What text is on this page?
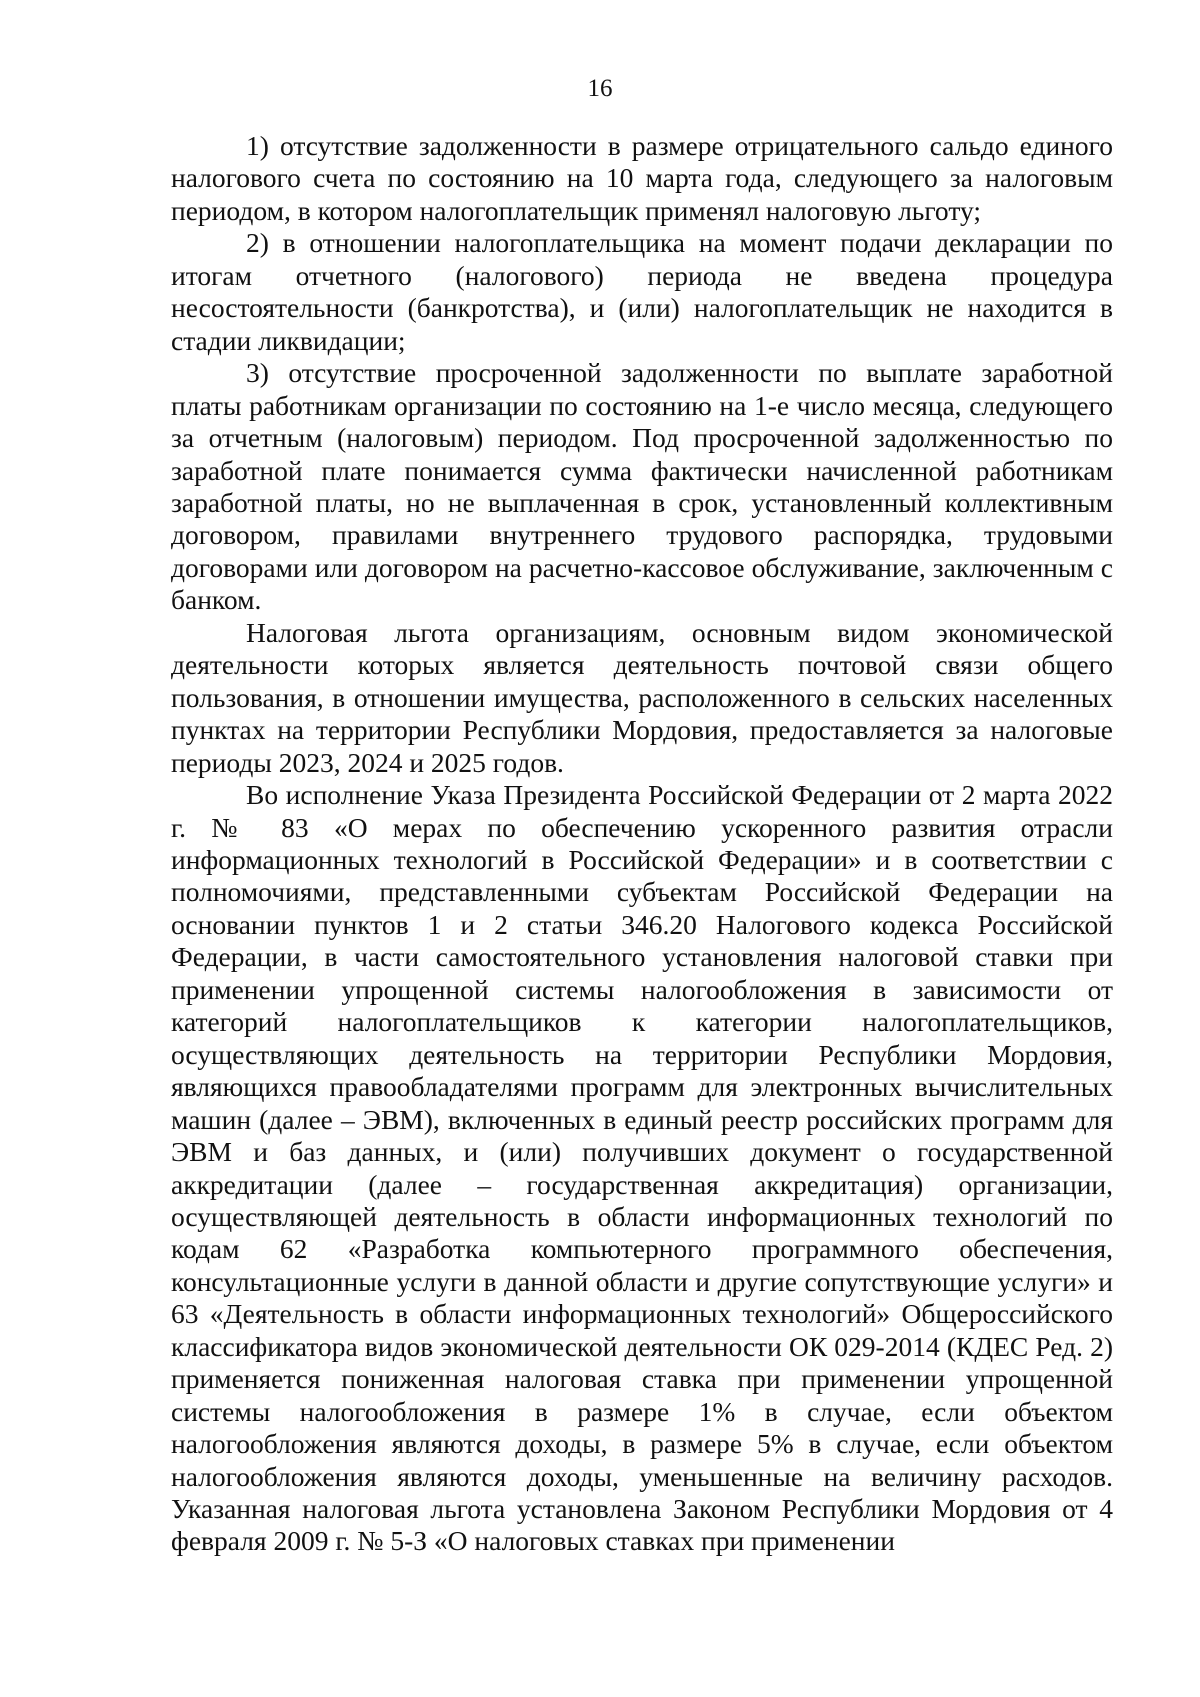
16

1) отсутствие задолженности в размере отрицательного сальдо единого налогового счета по состоянию на 10 марта года, следующего за налоговым периодом, в котором налогоплательщик применял налоговую льготу;

2) в отношении налогоплательщика на момент подачи декларации по итогам отчетного (налогового) периода не введена процедура несостоятельности (банкротства), и (или) налогоплательщик не находится в стадии ликвидации;

3) отсутствие просроченной задолженности по выплате заработной платы работникам организации по состоянию на 1-е число месяца, следующего за отчетным (налоговым) периодом. Под просроченной задолженностью по заработной плате понимается сумма фактически начисленной работникам заработной платы, но не выплаченная в срок, установленный коллективным договором, правилами внутреннего трудового распорядка, трудовыми договорами или договором на расчетно-кассовое обслуживание, заключенным с банком.

Налоговая льгота организациям, основным видом экономической деятельности которых является деятельность почтовой связи общего пользования, в отношении имущества, расположенного в сельских населенных пунктах на территории Республики Мордовия, предоставляется за налоговые периоды 2023, 2024 и 2025 годов.

Во исполнение Указа Президента Российской Федерации от 2 марта 2022 г. № 83 «О мерах по обеспечению ускоренного развития отрасли информационных технологий в Российской Федерации» и в соответствии с полномочиями, представленными субъектам Российской Федерации на основании пунктов 1 и 2 статьи 346.20 Налогового кодекса Российской Федерации, в части самостоятельного установления налоговой ставки при применении упрощенной системы налогообложения в зависимости от категорий налогоплательщиков к категории налогоплательщиков, осуществляющих деятельность на территории Республики Мордовия, являющихся правообладателями программ для электронных вычислительных машин (далее – ЭВМ), включенных в единый реестр российских программ для ЭВМ и баз данных, и (или) получивших документ о государственной аккредитации (далее – государственная аккредитация) организации, осуществляющей деятельность в области информационных технологий по кодам 62 «Разработка компьютерного программного обеспечения, консультационные услуги в данной области и другие сопутствующие услуги» и 63 «Деятельность в области информационных технологий» Общероссийского классификатора видов экономической деятельности ОК 029-2014 (КДЕС Ред. 2) применяется пониженная налоговая ставка при применении упрощенной системы налогообложения в размере 1% в случае, если объектом налогообложения являются доходы, в размере 5% в случае, если объектом налогообложения являются доходы, уменьшенные на величину расходов. Указанная налоговая льгота установлена Законом Республики Мордовия от 4 февраля 2009 г. № 5-З «О налоговых ставках при применении
